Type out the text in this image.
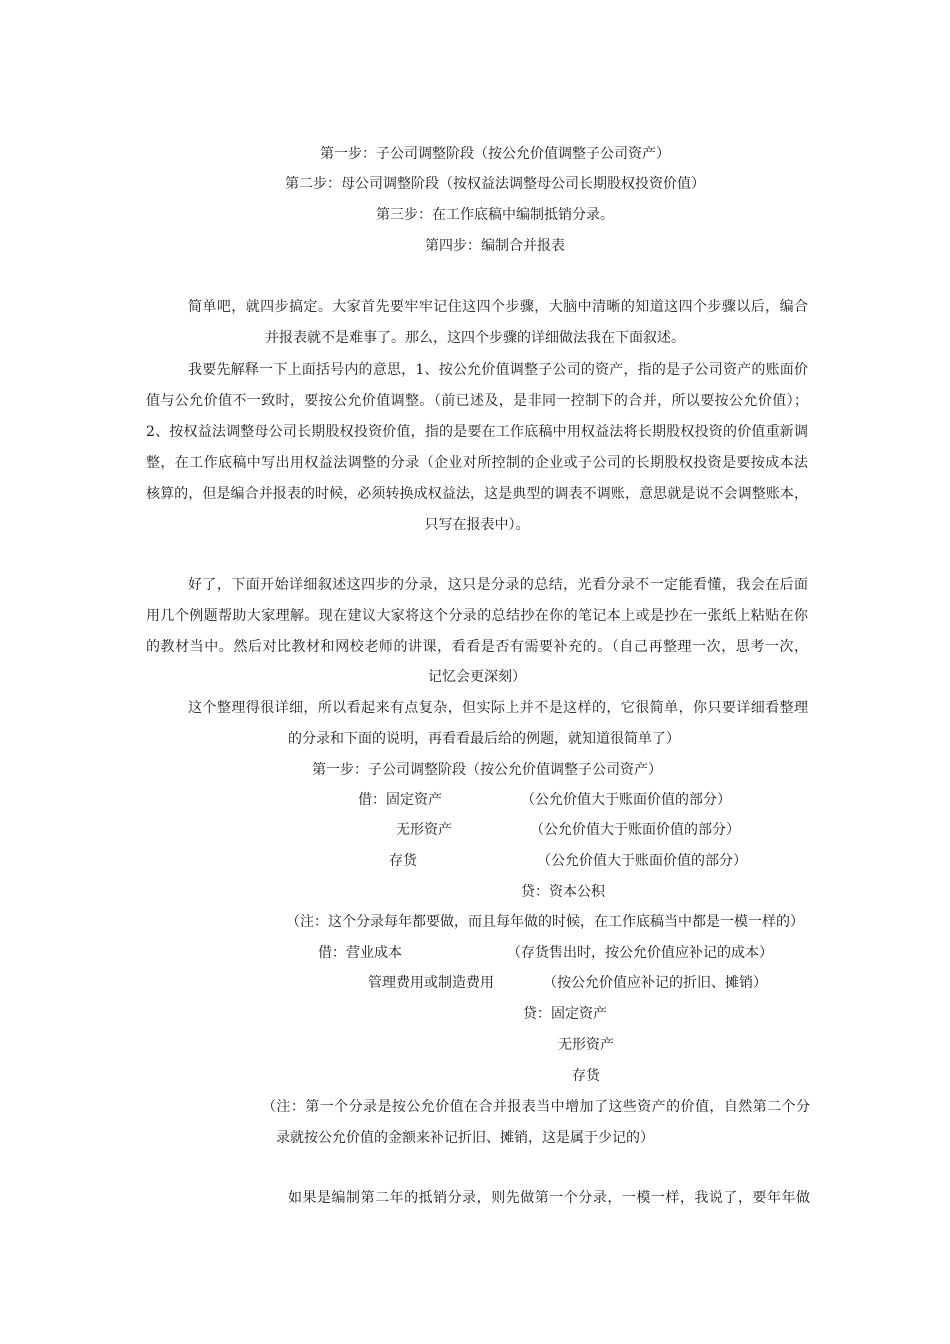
第一步：子公司调整阶段（按公允价值调整子公司资产）
第二步：母公司调整阶段（按权益法调整母公司长期股权投资价值）
第三步：在工作底稿中编制抵销分录。
第四步：编制合并报表
简单吧，就四步搞定。大家首先要牢牢记住这四个步骤，大脑中清晰的知道这四个步骤以后，编合
并报表就不是难事了。那么，这四个步骤的详细做法我在下面叙述。
我要先解释一下上面括号内的意思，1、按公允价值调整子公司的资产，指的是子公司资产的账面价
值与公允价值不一致时，要按公允价值调整。（前已述及，是非同一控制下的合并，所以要按公允价值）；
2、按权益法调整母公司长期股权投资价值，指的是要在工作底稿中用权益法将长期股权投资的价值重新调
整，在工作底稿中写出用权益法调整的分录（企业对所控制的企业或子公司的长期股权投资是要按成本法
核算的，但是编合并报表的时候，必须转换成权益法，这是典型的调表不调账，意思就是说不会调整账本，
只写在报表中）。
好了，下面开始详细叙述这四步的分录，这只是分录的总结，光看分录不一定能看懂，我会在后面
用几个例题帮助大家理解。现在建议大家将这个分录的总结抄在你的笔记本上或是抄在一张纸上粘贴在你
的教材当中。然后对比教材和网校老师的讲课，看看是否有需要补充的。（自己再整理一次，思考一次，
记忆会更深刻）
这个整理得很详细，所以看起来有点复杂，但实际上并不是这样的，它很简单，你只要详细看整理
的分录和下面的说明，再看看最后给的例题，就知道很简单了）
第一步：子公司调整阶段（按公允价值调整子公司资产）
借：固定资产	（公允价值大于账面价值的部分）
无形资产	（公允价值大于账面价值的部分）
存货	（公允价值大于账面价值的部分）
贷：资本公积
（注：这个分录每年都要做，而且每年做的时候，在工作底稿当中都是一模一样的）
借：营业成本	（存货售出时，按公允价值应补记的成本）
管理费用或制造费用	（按公允价值应补记的折旧、摊销）
贷：固定资产
无形资产
存货
（注：第一个分录是按公允价值在合并报表当中增加了这些资产的价值，自然第二个分
录就按公允价值的金额来补记折旧、摊销，这是属于少记的）
如果是编制第二年的抵销分录，则先做第一个分录，一模一样，我说了，要年年做
